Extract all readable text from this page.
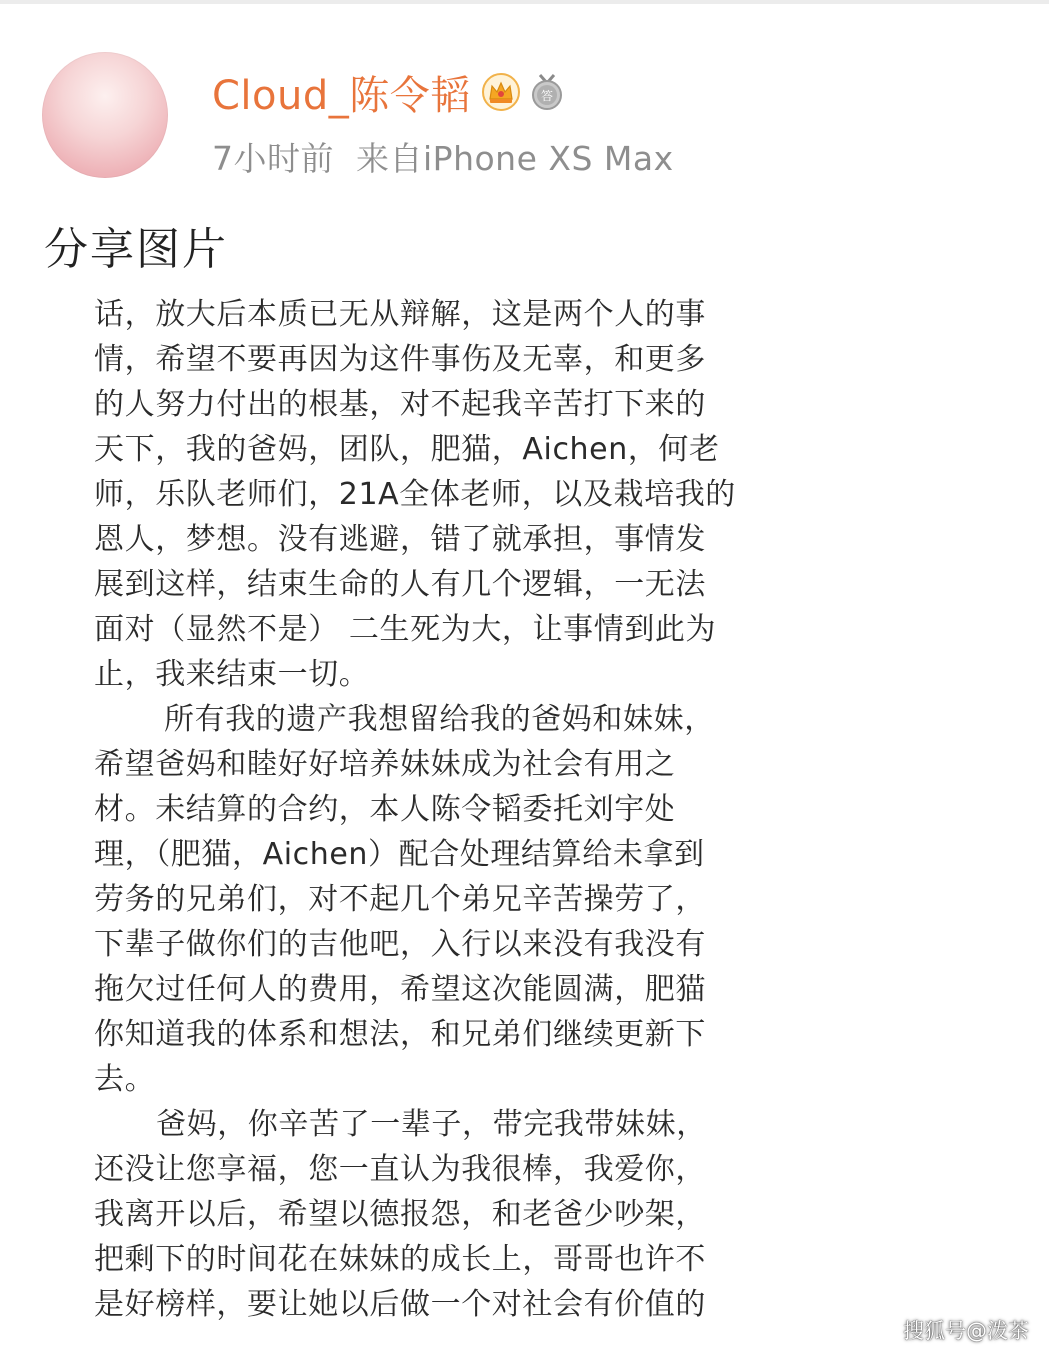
Cloud_陈令韬	答
7小时前 来自iPhone XS Max
分享图片
话，放大后本质已无从辩解，这是两个人的事
情，希望不要再因为这件事伤及无辜，和更多
的人努力付出的根基，对不起我辛苦打下来的
天下，我的爸妈，团队，肥猫，Aichen，何老
师，乐队老师们，21A全体老师，以及栽培我的
恩人，梦想。没有逃避，错了就承担，事情发
展到这样，结束生命的人有几个逻辑，一无法
面对（显然不是） 二生死为大，让事情到此为
止，我来结束一切。
所有我的遗产我想留给我的爸妈和妹妹，
希望爸妈和睦好好培养妹妹成为社会有用之
材。未结算的合约，本人陈令韬委托刘宇处
理，（肥猫，Aichen）配合处理结算给未拿到
劳务的兄弟们，对不起几个弟兄辛苦操劳了，
下辈子做你们的吉他吧，入行以来没有我没有
拖欠过任何人的费用，希望这次能圆满，肥猫
你知道我的体系和想法，和兄弟们继续更新下
去。
爸妈，你辛苦了一辈子，带完我带妹妹，
还没让您享福，您一直认为我很棒，我爱你，
我离开以后，希望以德报怨，和老爸少吵架，
把剩下的时间花在妹妹的成长上，哥哥也许不
是好榜样，要让她以后做一个对社会有价值的
搜狐号@泼茶
